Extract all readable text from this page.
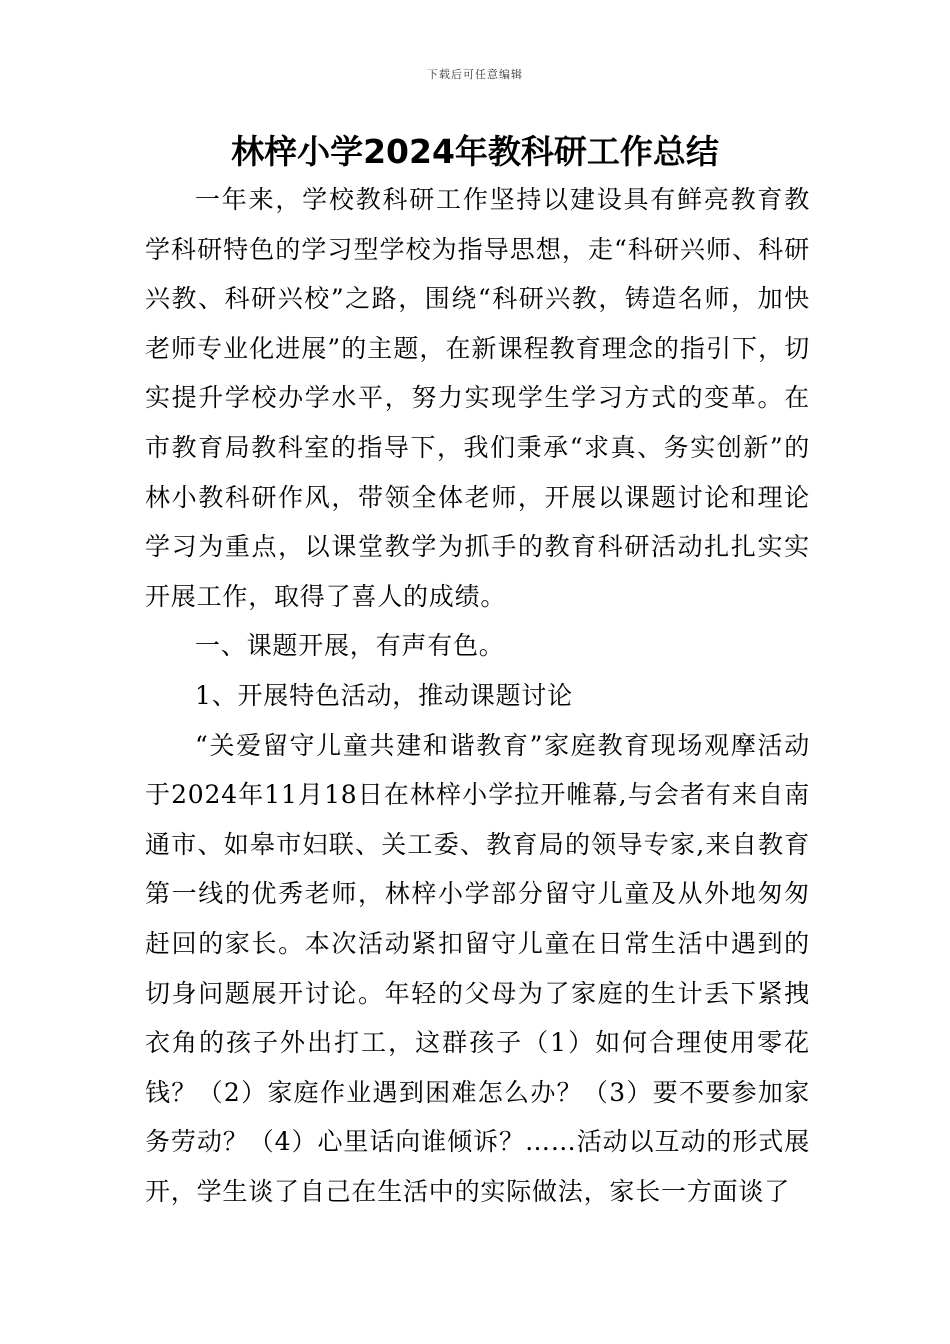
下载后可任意编辑
林梓小学2024年教科研工作总结

一年来，学校教科研工作坚持以建设具有鲜亮教育教学科研特色的学习型学校为指导思想，走“科研兴师、科研兴教、科研兴校”之路，围绕“科研兴教，铸造名师，加快老师专业化进展”的主题，在新课程教育理念的指引下，切实提升学校办学水平，努力实现学生学习方式的变革。在市教育局教科室的指导下，我们秉承“求真、务实创新”的林小教科研作风，带领全体老师，开展以课题讨论和理论学习为重点，以课堂教学为抓手的教育科研活动扎扎实实开展工作，取得了喜人的成绩。

一、课题开展，有声有色。

1、开展特色活动，推动课题讨论

“关爱留守儿童共建和谐教育”家庭教育现场观摩活动于2024年11月18日在林梓小学拉开帷幕,与会者有来自南通市、如皋市妇联、关工委、教育局的领导专家,来自教育第一线的优秀老师，林梓小学部分留守儿童及从外地匆匆赶回的家长。本次活动紧扣留守儿童在日常生活中遇到的切身问题展开讨论。年轻的父母为了家庭的生计丢下紧拽衣角的孩子外出打工，这群孩子（1）如何合理使用零花钱？（2）家庭作业遇到困难怎么办？（3）要不要参加家务劳动？（4）心里话向谁倾诉？……活动以互动的形式展开，学生谈了自己在生活中的实际做法，家长一方面谈了
